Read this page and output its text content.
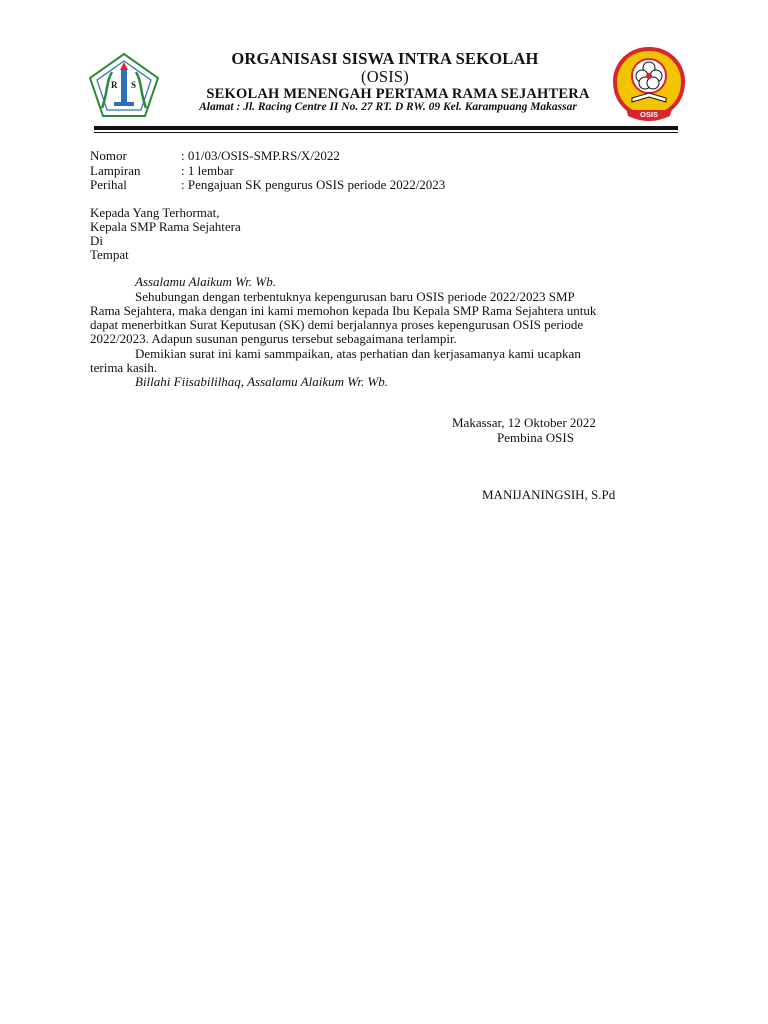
R S
OSIS
ORGANISASI SISWA INTRA SEKOLAH
(OSIS)
SEKOLAH MENENGAH PERTAMA RAMA SEJAHTERA
Alamat : Jl. Racing Centre II No. 27 RT. D RW. 09 Kel. Karampuang Makassar
Nomor	: 01/03/OSIS-SMP.RS/X/2022
Lampiran	: 1 lembar
Perihal	: Pengajuan SK pengurus OSIS periode 2022/2023
Kepada Yang Terhormat,
Kepala SMP Rama Sejahtera
Di
Tempat
Assalamu Alaikum Wr. Wb.
Sehubungan dengan terbentuknya kepengurusan baru OSIS periode 2022/2023 SMP
Rama Sejahtera, maka dengan ini kami memohon kepada Ibu Kepala SMP Rama Sejahtera untuk
dapat menerbitkan Surat Keputusan (SK) demi berjalannya proses kepengurusan OSIS periode
2022/2023. Adapun susunan pengurus tersebut sebagaimana terlampir.
Demikian surat ini kami sammpaikan, atas perhatian dan kerjasamanya kami ucapkan
terima kasih.
Billahi Fiisabililhaq, Assalamu Alaikum Wr. Wb.
Makassar, 12 Oktober 2022
Pembina OSIS
MANIJANINGSIH, S.Pd
